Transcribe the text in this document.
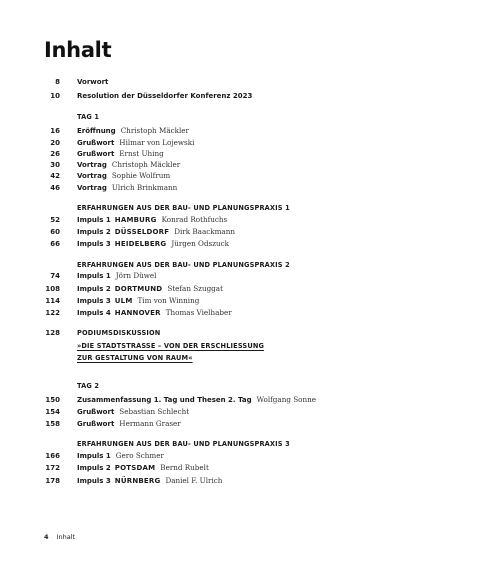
Inhalt
8 Vorwort
10 Resolution der Düsseldorfer Konferenz 2023
TAG 1
16 Eröffnung Christoph Mäckler
20 Grußwort Hilmar von Lojewski
26 Grußwort Ernst Uhing
30 Vortrag Christoph Mäckler
42 Vortrag Sophie Wolfrum
46 Vortrag Ulrich Brinkmann
ERFAHRUNGEN AUS DER BAU- UND PLANUNGSPRAXIS 1
52 Impuls 1 HAMBURG Konrad Rothfuchs
60 Impuls 2 DÜSSELDORF Dirk Baackmann
66 Impuls 3 HEIDELBERG Jürgen Odszuck
ERFAHRUNGEN AUS DER BAU- UND PLANUNGSPRAXIS 2
74 Impuls 1 Jörn Düwel
108 Impuls 2 DORTMUND Stefan Szuggat
114 Impuls 3 ULM Tim von Winning
122 Impuls 4 HANNOVER Thomas Vielhaber
128	PODIUMSDISKUSSION
»DIE STADTSTRASSE – VON DER ERSCHLIESSUNG
ZUR GESTALTUNG VON RAUM«
TAG 2
150 Zusammenfassung 1. Tag und Thesen 2. Tag Wolfgang Sonne
154 Grußwort Sebastian Schlecht
158 Grußwort Hermann Graser
ERFAHRUNGEN AUS DER BAU- UND PLANUNGSPRAXIS 3
166 Impuls 1 Gero Schmer
172 Impuls 2 POTSDAM Bernd Rubelt
178 Impuls 3 NÜRNBERG Daniel F. Ulrich
4 Inhalt
